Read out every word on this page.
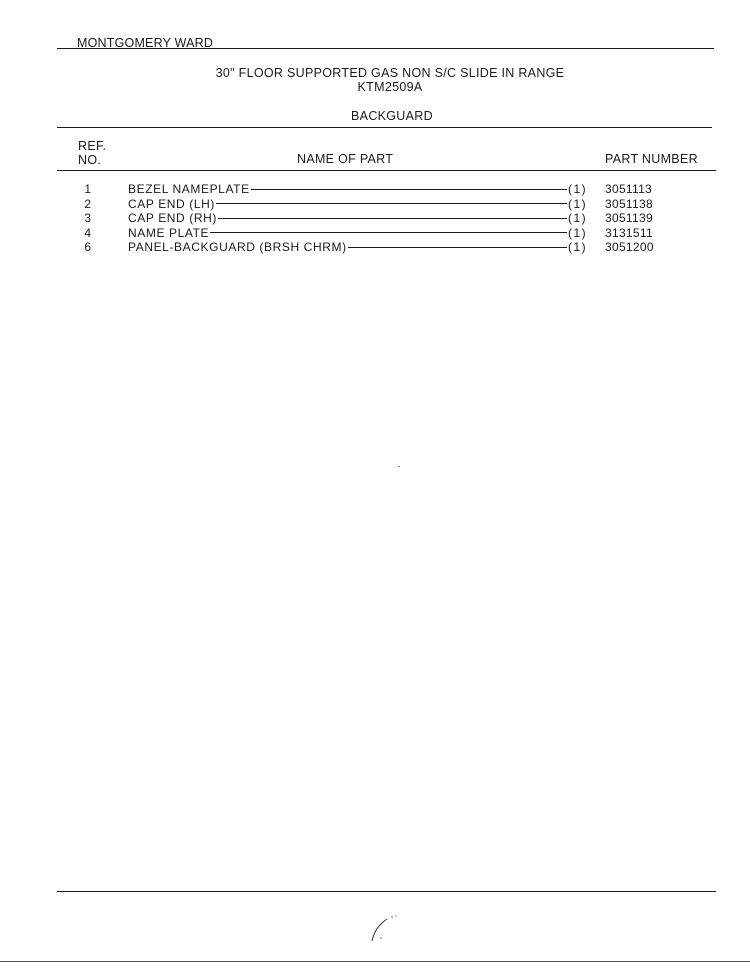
MONTGOMERY WARD
30" FLOOR SUPPORTED GAS NON S/C SLIDE IN RANGE
KTM2509A
BACKGUARD
REF.
NO.	NAME OF PART	PART NUMBER
1	BEZEL NAMEPLATE	(1) 3051113
2	CAP END (LH)	(1) 3051138
3	CAP END (RH)	(1) 3051139
4	NAME PLATE	(1) 3131511
6	PANEL-BACKGUARD (BRSH CHRM)	(1) 3051200
